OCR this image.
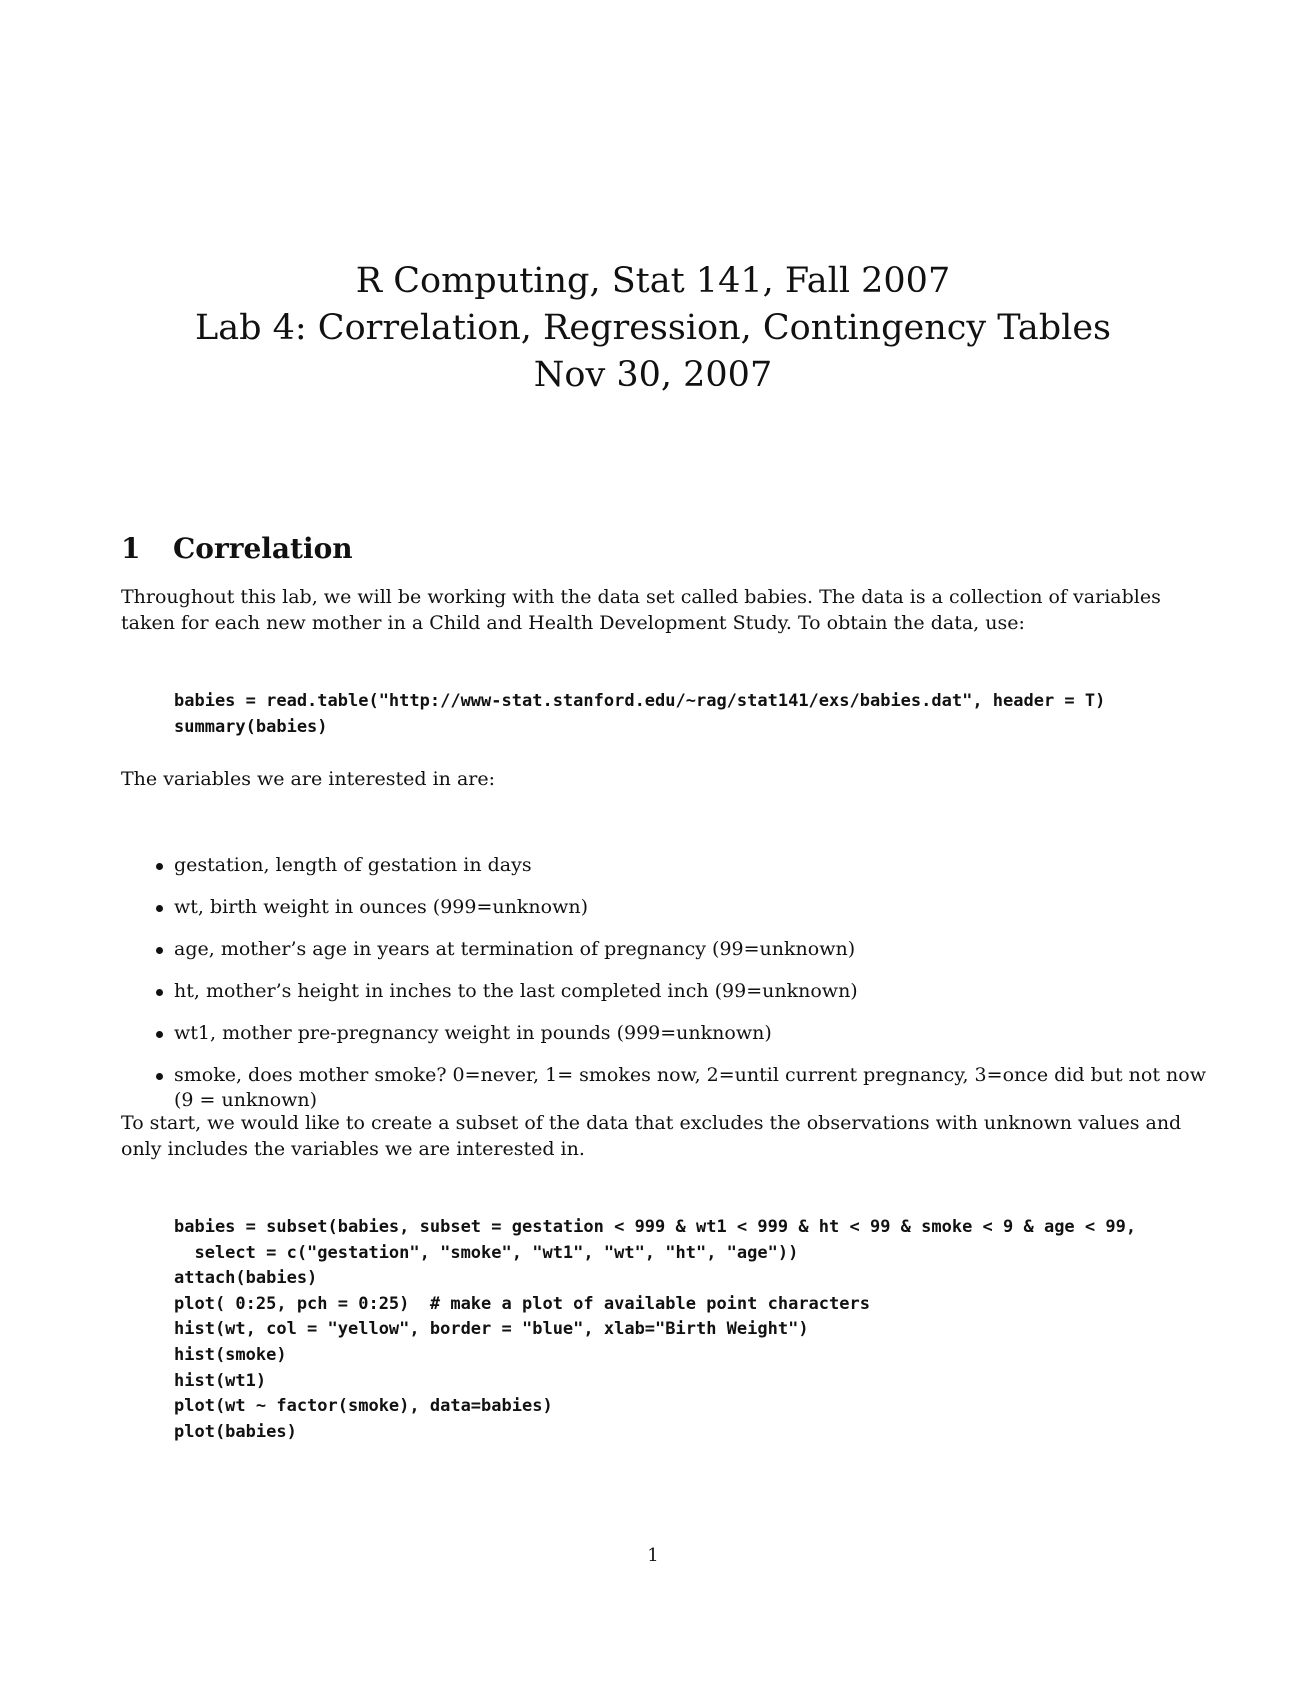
R Computing, Stat 141, Fall 2007
Lab 4: Correlation, Regression, Contingency Tables
Nov 30, 2007
1 Correlation

Throughout this lab, we will be working with the data set called babies. The data is a collection of variables taken for each new mother in a Child and Health Development Study. To obtain the data, use:

babies = read.table("http://www-stat.stanford.edu/~rag/stat141/exs/babies.dat", header = T)
summary(babies)

The variables we are interested in are:

gestation, length of gestation in days
wt, birth weight in ounces (999=unknown)
age, mother’s age in years at termination of pregnancy (99=unknown)
ht, mother’s height in inches to the last completed inch (99=unknown)
wt1, mother pre-pregnancy weight in pounds (999=unknown)
smoke, does mother smoke? 0=never, 1= smokes now, 2=until current pregnancy, 3=once did but not now (9 = unknown)

To start, we would like to create a subset of the data that excludes the observations with unknown values and only includes the variables we are interested in.

babies = subset(babies, subset = gestation < 999 & wt1 < 999 & ht < 99 & smoke < 9 & age < 99,
select = c("gestation", "smoke", "wt1", "wt", "ht", "age"))
attach(babies)
plot( 0:25, pch = 0:25)  # make a plot of available point characters
hist(wt, col = "yellow", border = "blue", xlab="Birth Weight")
hist(smoke)
hist(wt1)
plot(wt ~ factor(smoke), data=babies)
plot(babies)
1
